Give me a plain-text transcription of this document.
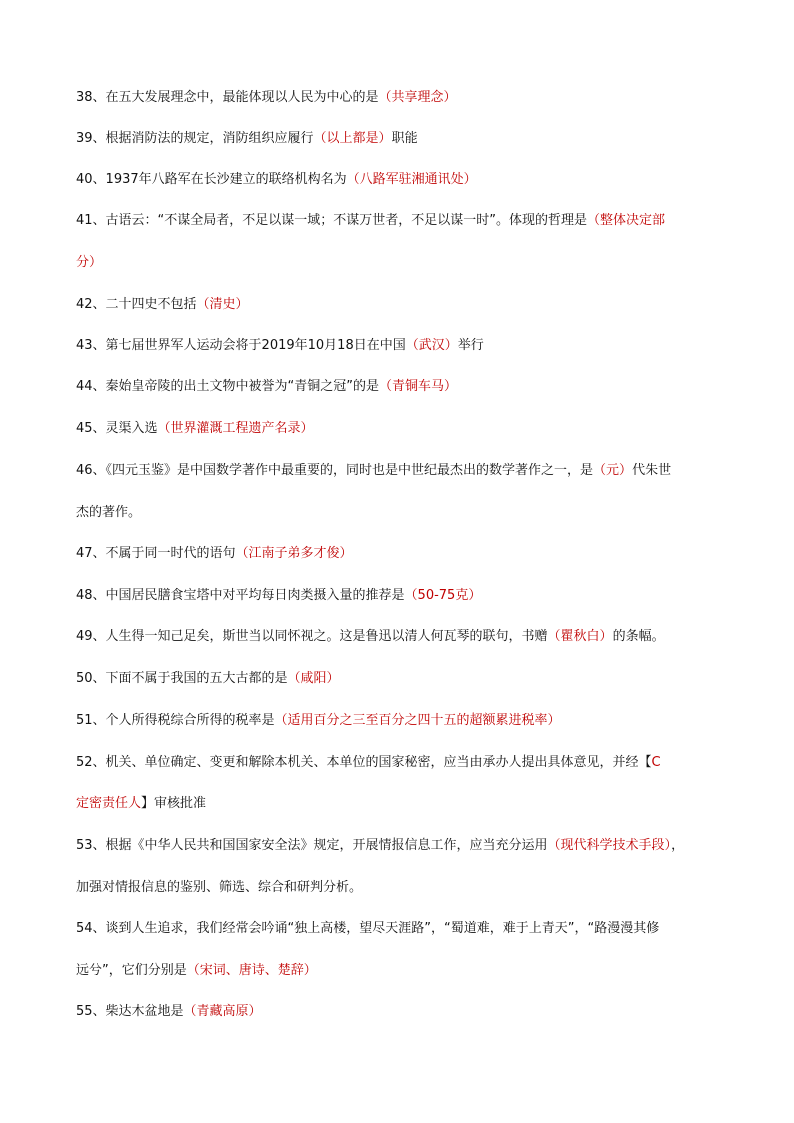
38、在五大发展理念中，最能体现以人民为中心的是（共享理念）
39、根据消防法的规定，消防组织应履行（以上都是）职能
40、1937年八路军在长沙建立的联络机构名为（八路军驻湘通讯处）
41、古语云：“不谋全局者，不足以谋一域；不谋万世者，不足以谋一时”。体现的哲理是（整体决定部
分）
42、二十四史不包括（清史）
43、第七届世界军人运动会将于2019年10月18日在中国（武汉）举行
44、秦始皇帝陵的出土文物中被誉为“青铜之冠”的是（青铜车马）
45、灵渠入选（世界灌溉工程遗产名录）
46、《四元玉鉴》是中国数学著作中最重要的，同时也是中世纪最杰出的数学著作之一，是（元）代朱世
杰的著作。
47、不属于同一时代的语句（江南子弟多才俊）
48、中国居民膳食宝塔中对平均每日肉类摄入量的推荐是（50-75克）
49、人生得一知己足矣，斯世当以同怀视之。这是鲁迅以清人何瓦琴的联句，书赠（瞿秋白）的条幅。
50、下面不属于我国的五大古都的是（咸阳）
51、个人所得税综合所得的税率是（适用百分之三至百分之四十五的超额累进税率）
52、机关、单位确定、变更和解除本机关、本单位的国家秘密，应当由承办人提出具体意见，并经【C
定密责任人】审核批准
53、根据《中华人民共和国国家安全法》规定，开展情报信息工作，应当充分运用（现代科学技术手段），
加强对情报信息的鉴别、筛选、综合和研判分析。
54、谈到人生追求，我们经常会吟诵“独上高楼，望尽天涯路”，“蜀道难，难于上青天”，“路漫漫其修
远兮”，它们分别是（宋词、唐诗、楚辞）
55、柴达木盆地是（青藏高原）
